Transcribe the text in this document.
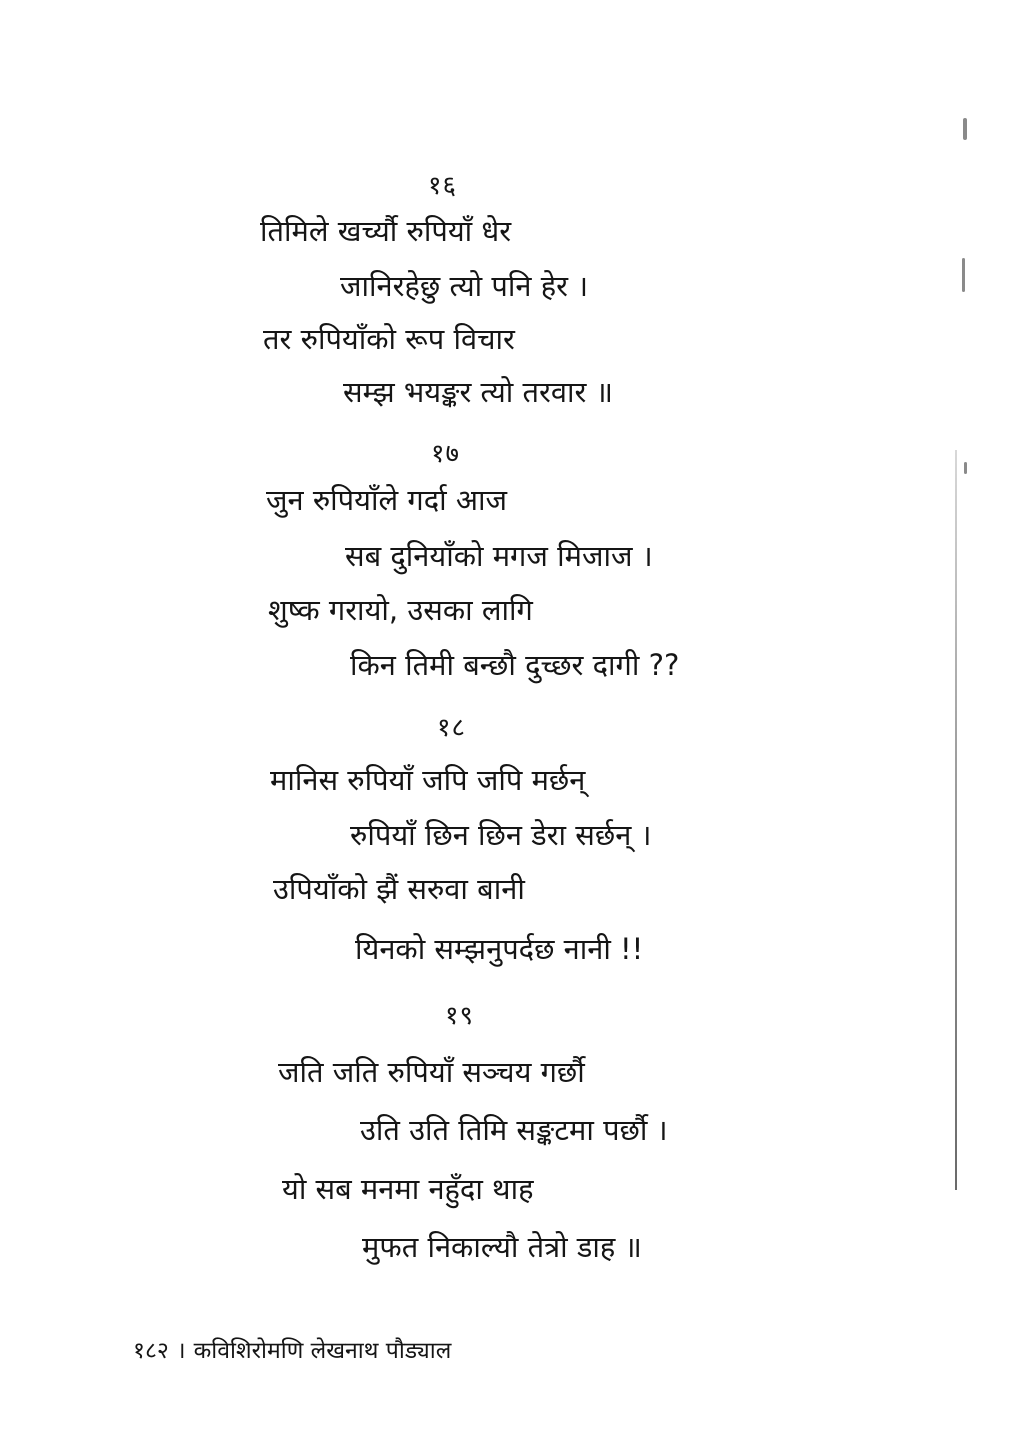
१६
तिमिले खर्च्यौ रुपियाँ धेर
जानिरहेछु त्यो पनि हेर ।
तर रुपियाँको रूप विचार
सम्झ भयङ्कर त्यो तरवार ॥
१७
जुन रुपियाँले गर्दा आज
सब दुनियाँको मगज मिजाज ।
शुष्क गरायो, उसका लागि
किन तिमी बन्छौ दुच्छर दागी ??
१८
मानिस रुपियाँ जपि जपि मर्छन्
रुपियाँ छिन छिन डेरा सर्छन् ।
उपियाँको झैं सरुवा बानी
यिनको सम्झनुपर्दछ नानी !!
१९
जति जति रुपियाँ सञ्चय गर्छौ
उति उति तिमि सङ्कटमा पर्छौ ।
यो सब मनमा नहुँदा थाह
मुफत निकाल्यौ तेत्रो डाह ॥
१८२ । कविशिरोमणि लेखनाथ पौड्याल
